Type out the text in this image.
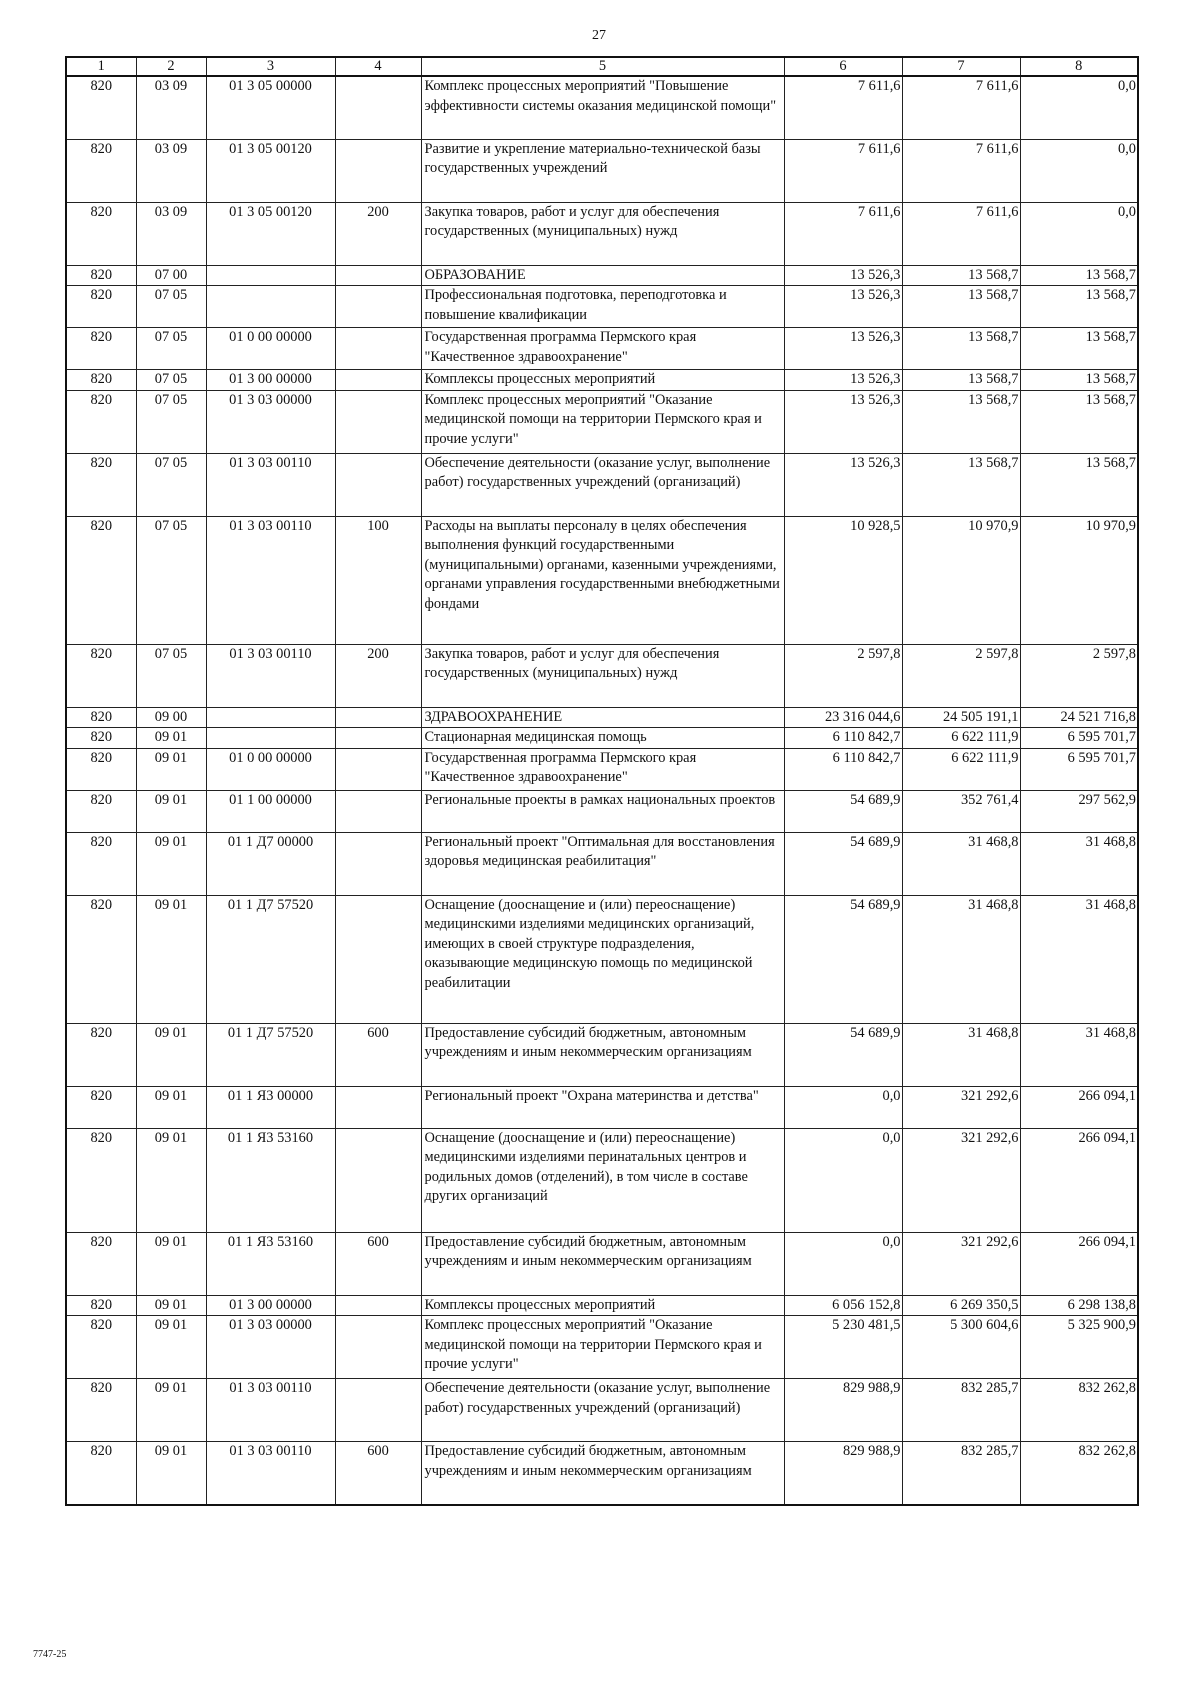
27
1	2	3	4	5	6	7	8
820	03 09	01 3 05 00000		Комплекс процессных мероприятий "Повышение эффективности системы оказания медицинской помощи"	7 611,6	7 611,6	0,0
820	03 09	01 3 05 00120		Развитие и укрепление материально-технической базы государственных учреждений	7 611,6	7 611,6	0,0
820	03 09	01 3 05 00120	200	Закупка товаров, работ и услуг для обеспечения государственных (муниципальных) нужд	7 611,6	7 611,6	0,0
820	07 00			ОБРАЗОВАНИЕ	13 526,3	13 568,7	13 568,7
820	07 05			Профессиональная подготовка, переподготовка и повышение квалификации	13 526,3	13 568,7	13 568,7
820	07 05	01 0 00 00000		Государственная программа Пермского края "Качественное здравоохранение"	13 526,3	13 568,7	13 568,7
820	07 05	01 3 00 00000		Комплексы процессных мероприятий	13 526,3	13 568,7	13 568,7
820	07 05	01 3 03 00000		Комплекс процессных мероприятий "Оказание медицинской помощи на территории Пермского края и прочие услуги"	13 526,3	13 568,7	13 568,7
820	07 05	01 3 03 00110		Обеспечение деятельности (оказание услуг, выполнение работ) государственных учреждений (организаций)	13 526,3	13 568,7	13 568,7
820	07 05	01 3 03 00110	100	Расходы на выплаты персоналу в целях обеспечения выполнения функций государственными (муниципальными) органами, казенными учреждениями, органами управления государственными внебюджетными фондами	10 928,5	10 970,9	10 970,9
820	07 05	01 3 03 00110	200	Закупка товаров, работ и услуг для обеспечения государственных (муниципальных) нужд	2 597,8	2 597,8	2 597,8
820	09 00			ЗДРАВООХРАНЕНИЕ	23 316 044,6	24 505 191,1	24 521 716,8
820	09 01			Стационарная медицинская помощь	6 110 842,7	6 622 111,9	6 595 701,7
820	09 01	01 0 00 00000		Государственная программа Пермского края "Качественное здравоохранение"	6 110 842,7	6 622 111,9	6 595 701,7
820	09 01	01 1 00 00000		Региональные проекты в рамках национальных проектов	54 689,9	352 761,4	297 562,9
820	09 01	01 1 Д7 00000		Региональный проект "Оптимальная для восстановления здоровья медицинская реабилитация"	54 689,9	31 468,8	31 468,8
820	09 01	01 1 Д7 57520		Оснащение (дооснащение и (или) переоснащение) медицинскими изделиями медицинских организаций, имеющих в своей структуре подразделения, оказывающие медицинскую помощь по медицинской реабилитации	54 689,9	31 468,8	31 468,8
820	09 01	01 1 Д7 57520	600	Предоставление субсидий бюджетным, автономным учреждениям и иным некоммерческим организациям	54 689,9	31 468,8	31 468,8
820	09 01	01 1 Я3 00000		Региональный проект "Охрана материнства и детства"	0,0	321 292,6	266 094,1
820	09 01	01 1 Я3 53160		Оснащение (дооснащение и (или) переоснащение) медицинскими изделиями перинатальных центров и родильных домов (отделений), в том числе в составе других организаций	0,0	321 292,6	266 094,1
820	09 01	01 1 Я3 53160	600	Предоставление субсидий бюджетным, автономным учреждениям и иным некоммерческим организациям	0,0	321 292,6	266 094,1
820	09 01	01 3 00 00000		Комплексы процессных мероприятий	6 056 152,8	6 269 350,5	6 298 138,8
820	09 01	01 3 03 00000		Комплекс процессных мероприятий "Оказание медицинской помощи на территории Пермского края и прочие услуги"	5 230 481,5	5 300 604,6	5 325 900,9
820	09 01	01 3 03 00110		Обеспечение деятельности (оказание услуг, выполнение работ) государственных учреждений (организаций)	829 988,9	832 285,7	832 262,8
820	09 01	01 3 03 00110	600	Предоставление субсидий бюджетным, автономным учреждениям и иным некоммерческим организациям	829 988,9	832 285,7	832 262,8
7747-25
